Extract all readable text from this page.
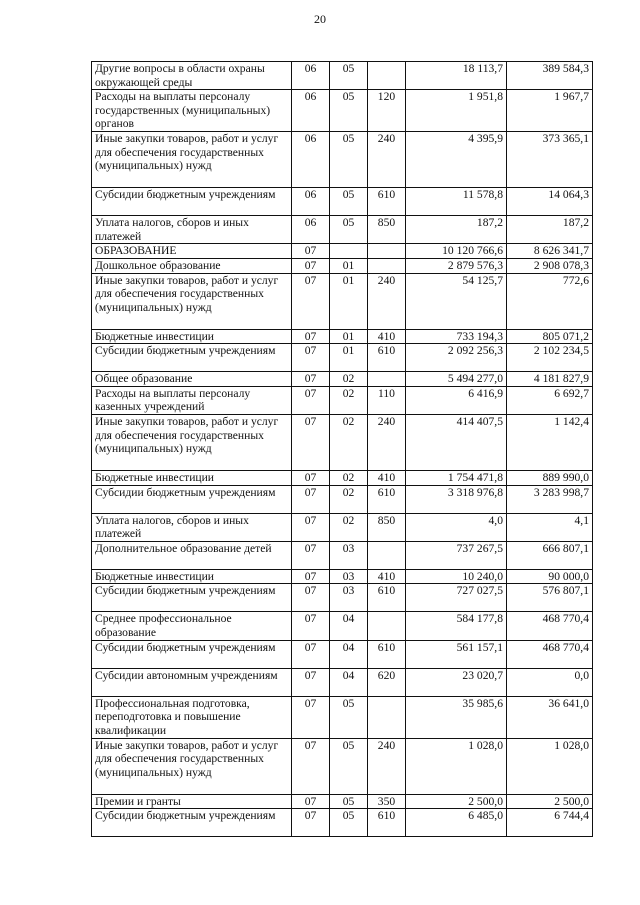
20
Другие вопросы в области охраны окружающей среды	06	05		18 113,7	389 584,3
Расходы на выплаты персоналу государственных (муниципальных) органов	06	05	120	1 951,8	1 967,7
Иные закупки товаров, работ и услуг для обеспечения государственных (муниципальных) нужд	06	05	240	4 395,9	373 365,1
Субсидии бюджетным учреждениям	06	05	610	11 578,8	14 064,3
Уплата налогов, сборов и иных платежей	06	05	850	187,2	187,2
ОБРАЗОВАНИЕ	07			10 120 766,6	8 626 341,7
Дошкольное образование	07	01		2 879 576,3	2 908 078,3
Иные закупки товаров, работ и услуг для обеспечения государственных (муниципальных) нужд	07	01	240	54 125,7	772,6
Бюджетные инвестиции	07	01	410	733 194,3	805 071,2
Субсидии бюджетным учреждениям	07	01	610	2 092 256,3	2 102 234,5
Общее образование	07	02		5 494 277,0	4 181 827,9
Расходы на выплаты персоналу казенных учреждений	07	02	110	6 416,9	6 692,7
Иные закупки товаров, работ и услуг для обеспечения государственных (муниципальных) нужд	07	02	240	414 407,5	1 142,4
Бюджетные инвестиции	07	02	410	1 754 471,8	889 990,0
Субсидии бюджетным учреждениям	07	02	610	3 318 976,8	3 283 998,7
Уплата налогов, сборов и иных платежей	07	02	850	4,0	4,1
Дополнительное образование детей	07	03		737 267,5	666 807,1
Бюджетные инвестиции	07	03	410	10 240,0	90 000,0
Субсидии бюджетным учреждениям	07	03	610	727 027,5	576 807,1
Среднее профессиональное образование	07	04		584 177,8	468 770,4
Субсидии бюджетным учреждениям	07	04	610	561 157,1	468 770,4
Субсидии автономным учреждениям	07	04	620	23 020,7	0,0
Профессиональная подготовка, переподготовка и повышение квалификации	07	05		35 985,6	36 641,0
Иные закупки товаров, работ и услуг для обеспечения государственных (муниципальных) нужд	07	05	240	1 028,0	1 028,0
Премии и гранты	07	05	350	2 500,0	2 500,0
Субсидии бюджетным учреждениям	07	05	610	6 485,0	6 744,4
